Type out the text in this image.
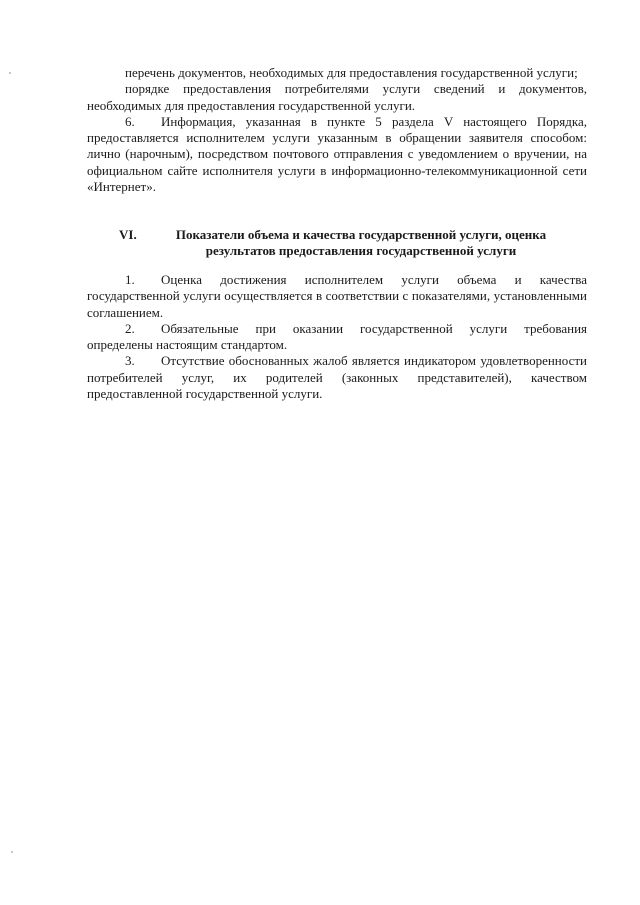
перечень документов, необходимых для предоставления государственной услуги;

порядке предоставления потребителями услуги сведений и документов, необходимых для предоставления государственной услуги.

6. Информация, указанная в пункте 5 раздела V настоящего Порядка, предоставляется исполнителем услуги указанным в обращении заявителя способом: лично (нарочным), посредством почтового отправления с уведомлением о вручении, на официальном сайте исполнителя услуги в информационно-телекоммуникационной сети «Интернет».

VI.	Показатели объема и качества государственной услуги, оценка
результатов предоставления государственной услуги

1. Оценка достижения исполнителем услуги объема и качества государственной услуги осуществляется в соответствии с показателями, установленными соглашением.

2. Обязательные при оказании государственной услуги требования определены настоящим стандартом.

3. Отсутствие обоснованных жалоб является индикатором удовлетворенности потребителей услуг, их родителей (законных представителей), качеством предоставленной государственной услуги.
